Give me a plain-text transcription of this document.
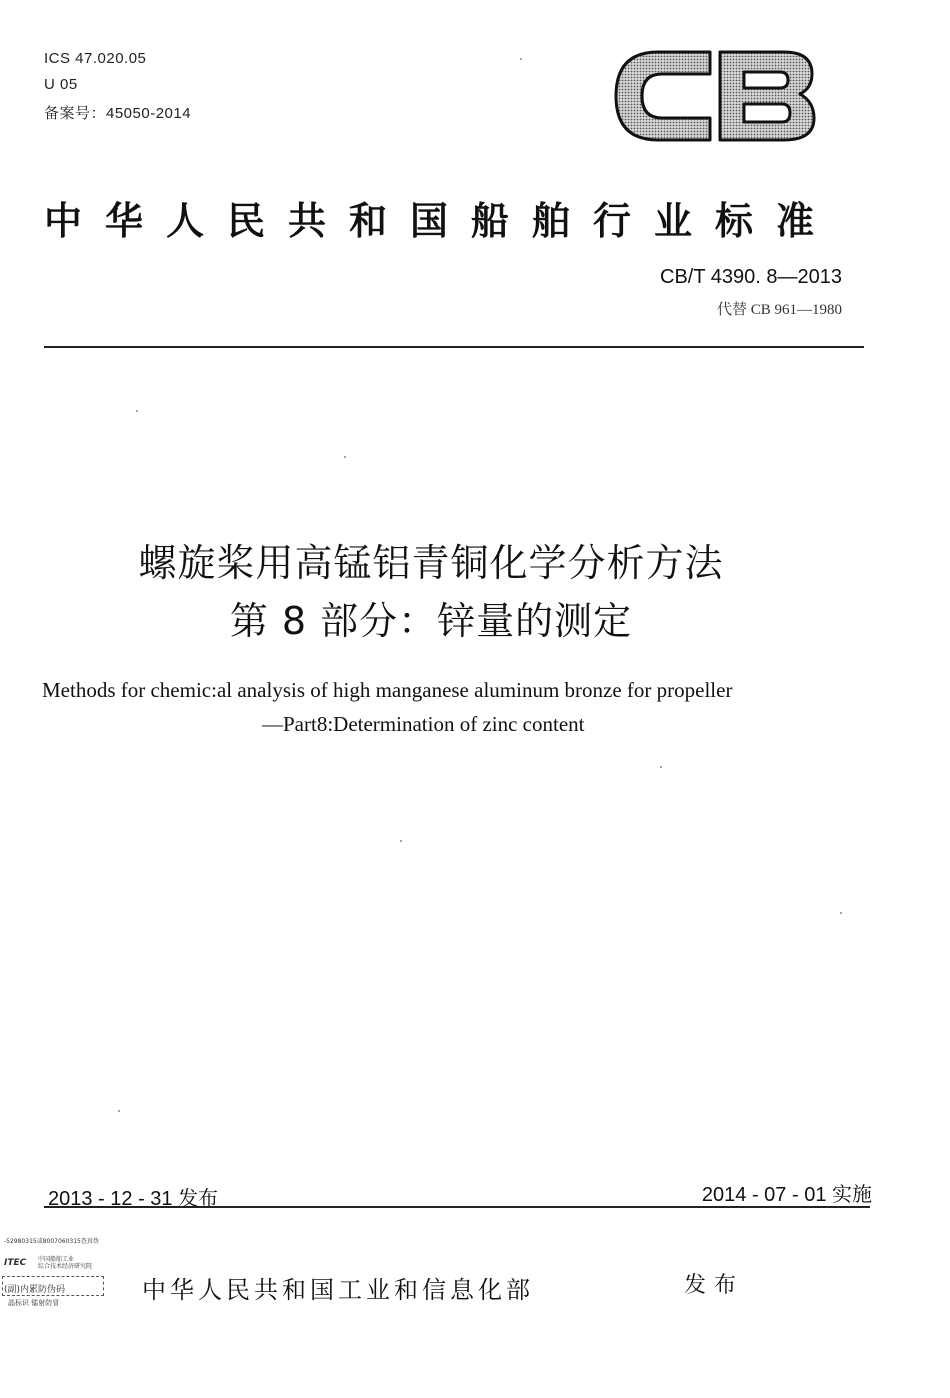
ICS 47.020.05
U 05
备案号：45050-2014
CB
中华人民共和国船舶行业标准
CB/T 4390. 8—2013
代替 CB 961—1980
螺旋桨用高锰铝青铜化学分析方法
第 8 部分：锌量的测定
Methods for chemic:al analysis of high manganese aluminum bronze for propeller
—Part8:Determination of zinc content
2013 - 12 - 31 发布	2014 - 07 - 01 实施
-52980315或8007060315查真伪
ITEC 中国船舶工业
综合技术经济研究院
(副)内累防伪码
晶标识 镭射防冒	中华人民共和国工业和信息化部	发布
